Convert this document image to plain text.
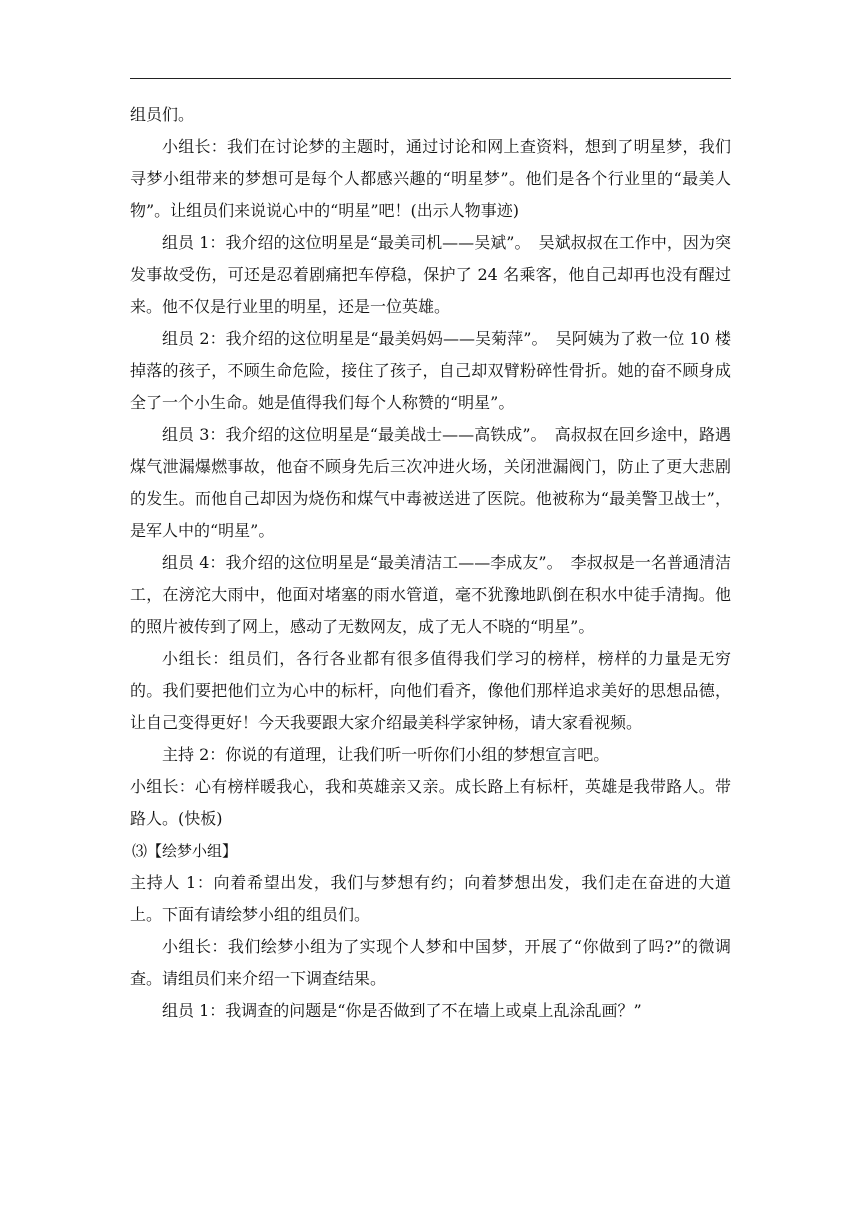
组员们。

小组长：我们在讨论梦的主题时，通过讨论和网上查资料，想到了明星梦，我们寻梦小组带来的梦想可是每个人都感兴趣的“明星梦”。他们是各个行业里的“最美人物”。让组员们来说说心中的“明星”吧！(出示人物事迹)

组员 1：我介绍的这位明星是“最美司机——吴斌”。　吴斌叔叔在工作中，因为突发事故受伤，可还是忍着剧痛把车停稳，保护了 24 名乘客，他自己却再也没有醒过来。他不仅是行业里的明星，还是一位英雄。

组员 2：我介绍的这位明星是“最美妈妈——吴菊萍”。　吴阿姨为了救一位 10 楼掉落的孩子，不顾生命危险，接住了孩子，自己却双臂粉碎性骨折。她的奋不顾身成全了一个小生命。她是值得我们每个人称赞的“明星”。

组员 3：我介绍的这位明星是“最美战士——高铁成”。　高叔叔在回乡途中，路遇煤气泄漏爆燃事故，他奋不顾身先后三次冲进火场，关闭泄漏阀门，防止了更大悲剧的发生。而他自己却因为烧伤和煤气中毒被送进了医院。他被称为“最美警卫战士”，是军人中的“明星”。

组员 4：我介绍的这位明星是“最美清洁工——李成友”。　李叔叔是一名普通清洁工，在滂沱大雨中，他面对堵塞的雨水管道，毫不犹豫地趴倒在积水中徒手清掏。他的照片被传到了网上，感动了无数网友，成了无人不晓的“明星”。

小组长：组员们，各行各业都有很多值得我们学习的榜样，榜样的力量是无穷的。我们要把他们立为心中的标杆，向他们看齐，像他们那样追求美好的思想品德，让自己变得更好！今天我要跟大家介绍最美科学家钟杨，请大家看视频。

主持 2：你说的有道理，让我们听一听你们小组的梦想宣言吧。

小组长：心有榜样暖我心，我和英雄亲又亲。成长路上有标杆，英雄是我带路人。带路人。(快板)

⑶【绘梦小组】

主持人 1：向着希望出发，我们与梦想有约；向着梦想出发，我们走在奋进的大道上。下面有请绘梦小组的组员们。

小组长：我们绘梦小组为了实现个人梦和中国梦，开展了“你做到了吗?”的微调查。请组员们来介绍一下调查结果。

组员 1：我调查的问题是“你是否做到了不在墙上或桌上乱涂乱画？”
